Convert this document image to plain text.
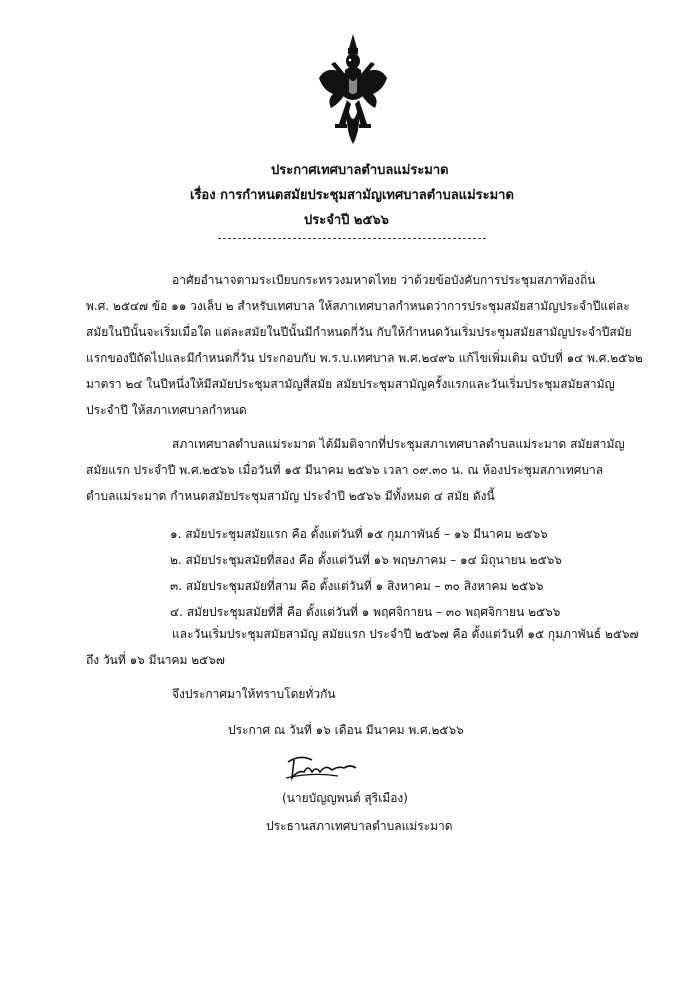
ประกาศเทศบาลตำบลแม่ระมาด

เรื่อง การกำหนดสมัยประชุมสามัญเทศบาลตำบลแม่ระมาด

ประจำปี ๒๕๖๖

อาศัยอำนาจตามระเบียบกระทรวงมหาดไทย ว่าด้วยข้อบังคับการประชุมสภาท้องถิ่น

พ.ศ. ๒๕๔๗ ข้อ ๑๑ วงเล็บ ๒ สำหรับเทศบาล ให้สภาเทศบาลกำหนดว่าการประชุมสมัยสามัญประจำปีแต่ละ

สมัยในปีนั้นจะเริ่มเมื่อใด แต่ละสมัยในปีนั้นมีกำหนดกี่วัน กับให้กำหนดวันเริ่มประชุมสมัยสามัญประจำปีสมัย

แรกของปีถัดไปและมีกำหนดกี่วัน ประกอบกับ พ.ร.บ.เทศบาล พ.ศ.๒๔๙๖ แก้ไขเพิ่มเติม ฉบับที่ ๑๔ พ.ศ.๒๕๖๒

มาตรา ๒๔ ในปีหนึ่งให้มีสมัยประชุมสามัญสี่สมัย สมัยประชุมสามัญครั้งแรกและวันเริ่มประชุมสมัยสามัญ

ประจำปี ให้สภาเทศบาลกำหนด

สภาเทศบาลตำบลแม่ระมาด ได้มีมติจากที่ประชุมสภาเทศบาลตำบลแม่ระมาด สมัยสามัญ

สมัยแรก ประจำปี พ.ศ.๒๕๖๖ เมื่อวันที่ ๑๕ มีนาคม ๒๕๖๖ เวลา ๐๙.๓๐ น. ณ ห้องประชุมสภาเทศบาล

ตำบลแม่ระมาด กำหนดสมัยประชุมสามัญ ประจำปี ๒๕๖๖ มีทั้งหมด ๔ สมัย ดังนี้

๑. สมัยประชุมสมัยแรก คือ ตั้งแต่วันที่ ๑๕ กุมภาพันธ์ – ๑๖ มีนาคม ๒๕๖๖

๒. สมัยประชุมสมัยที่สอง คือ ตั้งแต่วันที่ ๑๖ พฤษภาคม – ๑๔ มิถุนายน ๒๕๖๖

๓. สมัยประชุมสมัยที่สาม คือ ตั้งแต่วันที่ ๑ สิงหาคม – ๓๐ สิงหาคม ๒๕๖๖

๔. สมัยประชุมสมัยที่สี่ คือ ตั้งแต่วันที่ ๑ พฤศจิกายน – ๓๐ พฤศจิกายน ๒๕๖๖

และวันเริ่มประชุมสมัยสามัญ สมัยแรก ประจำปี ๒๕๖๗ คือ ตั้งแต่วันที่ ๑๕ กุมภาพันธ์ ๒๕๖๗

ถึง วันที่ ๑๖ มีนาคม ๒๕๖๗

จึงประกาศมาให้ทราบโดยทั่วกัน

ประกาศ ณ วันที่ ๑๖ เดือน มีนาคม พ.ศ.๒๕๖๖

(นายบัญญพนต์ สุริเมือง)

ประธานสภาเทศบาลตำบลแม่ระมาด
